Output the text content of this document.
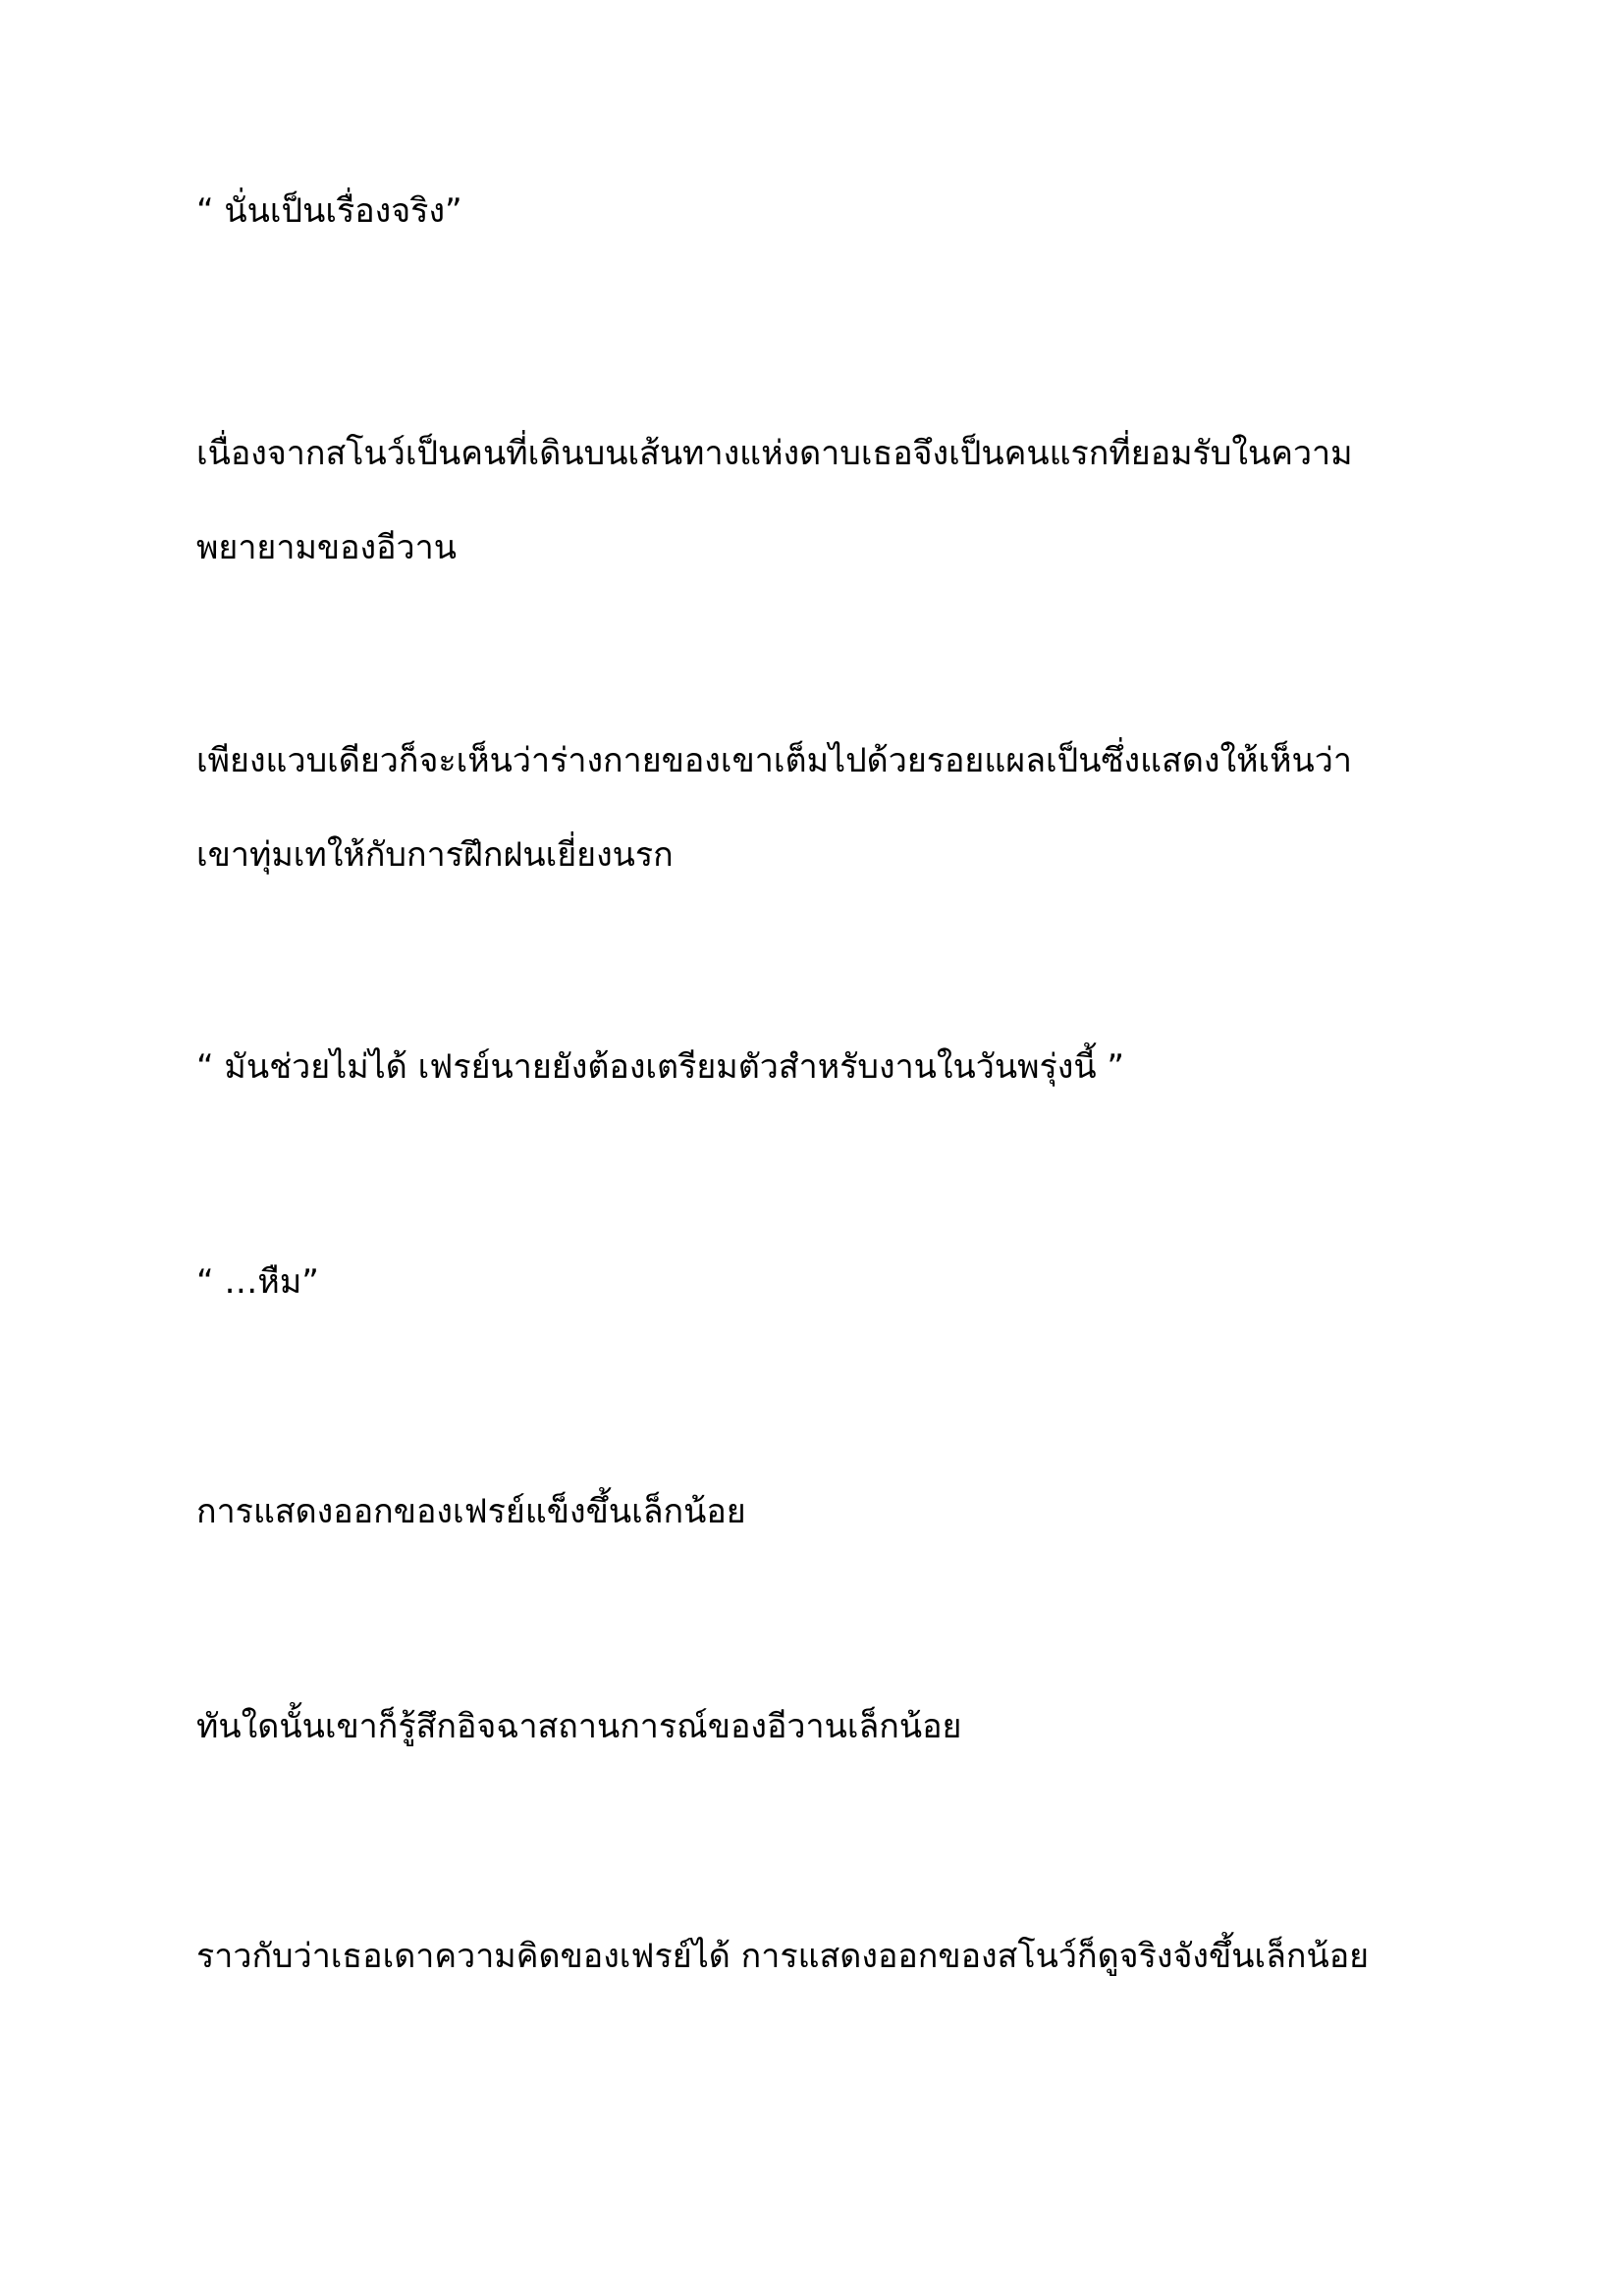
“ นั่นเป็นเรื่องจริง”

เนื่องจากสโนว์เป็นคนที่เดินบนเส้นทางแห่งดาบเธอจึงเป็นคนแรกที่ยอมรับในความ
พยายามของอีวาน

เพียงแวบเดียวก็จะเห็นว่าร่างกายของเขาเต็มไปด้วยรอยแผลเป็นซึ่งแสดงให้เห็นว่า
เขาทุ่มเทให้กับการฝึกฝนเยี่ยงนรก

“ มันช่วยไม่ได้ เฟรย์นายยังต้องเตรียมตัวสำหรับงานในวันพรุ่งนี้ ”

“ …หืม”

การแสดงออกของเฟรย์แข็งขึ้นเล็กน้อย

ทันใดนั้นเขาก็รู้สึกอิจฉาสถานการณ์ของอีวานเล็กน้อย

ราวกับว่าเธอเดาความคิดของเฟรย์ได้ การแสดงออกของสโนว์ก็ดูจริงจังขึ้นเล็กน้อย
